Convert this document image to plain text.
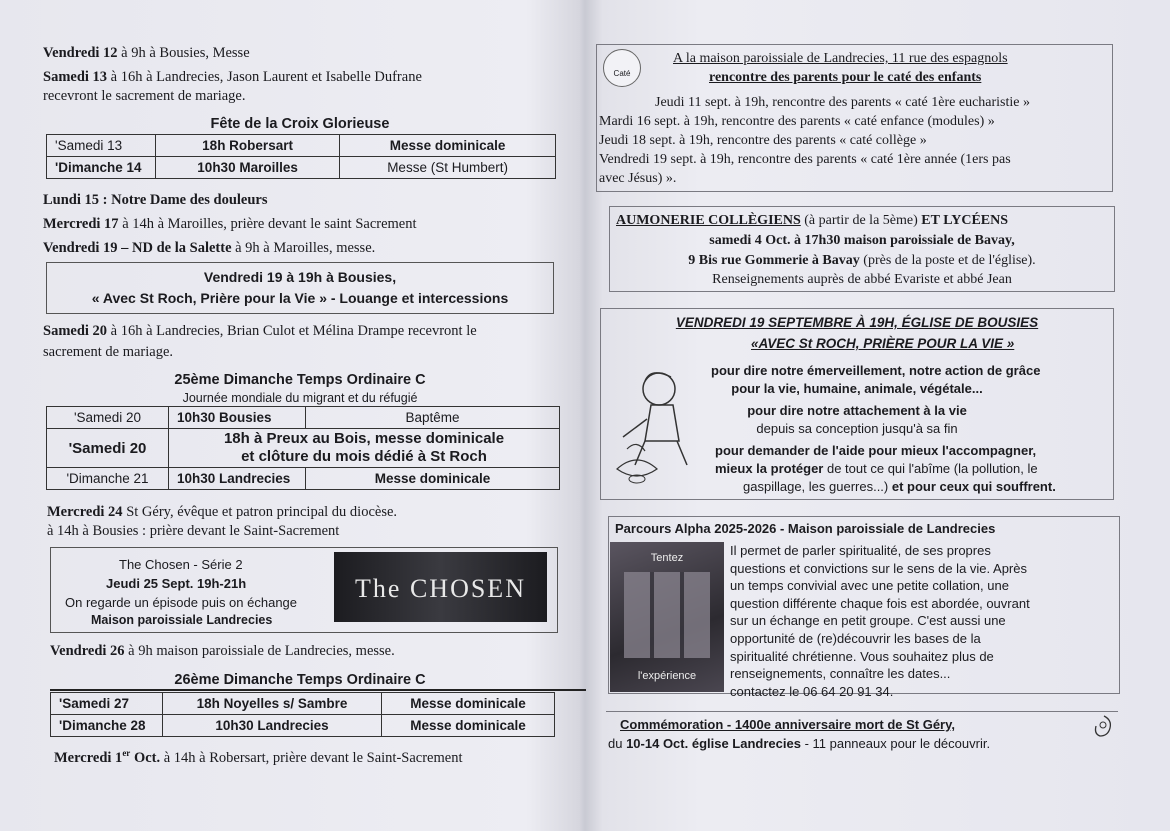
Vendredi 12 à 9h à Bousies, Messe
Samedi 13 à 16h à Landrecies, Jason Laurent et Isabelle Dufrane
recevront le sacrement de mariage.
Fête de la Croix Glorieuse
'Samedi 13	18h Robersart	Messe dominicale
'Dimanche 14	10h30 Maroilles	Messe (St Humbert)
Lundi 15 : Notre Dame des douleurs
Mercredi 17 à 14h à Maroilles, prière devant le saint Sacrement
Vendredi 19 – ND de la Salette à 9h à Maroilles, messe.
Vendredi 19 à 19h à Bousies,
« Avec St Roch, Prière pour la Vie » - Louange et intercessions
Samedi 20 à 16h à Landrecies, Brian Culot et Mélina Drampe recevront le
sacrement de mariage.
25ème Dimanche Temps Ordinaire C
Journée mondiale du migrant et du réfugié
'Samedi 20	10h30 Bousies	Baptême
'Samedi 20	18h à Preux au Bois, messe dominicale
et clôture du mois dédié à St Roch	

'Dimanche 21	10h30 Landrecies	Messe dominicale
Mercredi 24 St Géry, évêque et patron principal du diocèse.
à 14h à Bousies : prière devant le Saint-Sacrement
The Chosen - Série 2
Jeudi 25 Sept. 19h-21h
On regarde un épisode puis on échange
Maison paroissiale Landrecies
The CHOSEN
Vendredi 26 à 9h maison paroissiale de Landrecies, messe.
26ème Dimanche Temps Ordinaire C
'Samedi 27	18h Noyelles s/ Sambre	Messe dominicale
'Dimanche 28	10h30 Landrecies	Messe dominicale
Mercredi 1er Oct. à 14h à Robersart, prière devant le Saint-Sacrement
Caté
A la maison paroissiale de Landrecies, 11 rue des espagnols
rencontre des parents pour le caté des enfants
Jeudi 11 sept. à 19h, rencontre des parents « caté 1ère eucharistie »
Mardi 16 sept. à 19h, rencontre des parents « caté enfance (modules) »
Jeudi 18 sept. à 19h, rencontre des parents « caté collège »
Vendredi 19 sept. à 19h, rencontre des parents « caté 1ère année (1ers pas
avec Jésus) ».
AUMONERIE COLLÈGIENS (à partir de la 5ème) ET LYCÉENS
samedi 4 Oct. à 17h30 maison paroissiale de Bavay,
9 Bis rue Gommerie à Bavay (près de la poste et de l'église).
Renseignements auprès de abbé Evariste et abbé Jean
VENDREDI 19 SEPTEMBRE À 19H, ÉGLISE DE BOUSIES
«AVEC St ROCH, PRIÈRE POUR LA VIE »
pour dire notre émerveillement, notre action de grâce
pour la vie, humaine, animale, végétale...
pour dire notre attachement à la vie
depuis sa conception jusqu'à sa fin
pour demander de l'aide pour mieux l'accompagner,
mieux la protéger de tout ce qui l'abîme (la pollution, le
gaspillage, les guerres...) et pour ceux qui souffrent.
Parcours Alpha 2025-2026 - Maison paroissiale de Landrecies
Tentez
l'expérience
Il permet de parler spiritualité, de ses propres
questions et convictions sur le sens de la vie. Après
un temps convivial avec une petite collation, une
question différente chaque fois est abordée, ouvrant
sur un échange en petit groupe. C'est aussi une
opportunité de (re)découvrir les bases de la
spiritualité chrétienne. Vous souhaitez plus de
renseignements, connaître les dates...
contactez le 06 64 20 91 34.
Commémoration - 1400e anniversaire mort de St Géry,
du 10-14 Oct. église Landrecies - 11 panneaux pour le découvrir.
